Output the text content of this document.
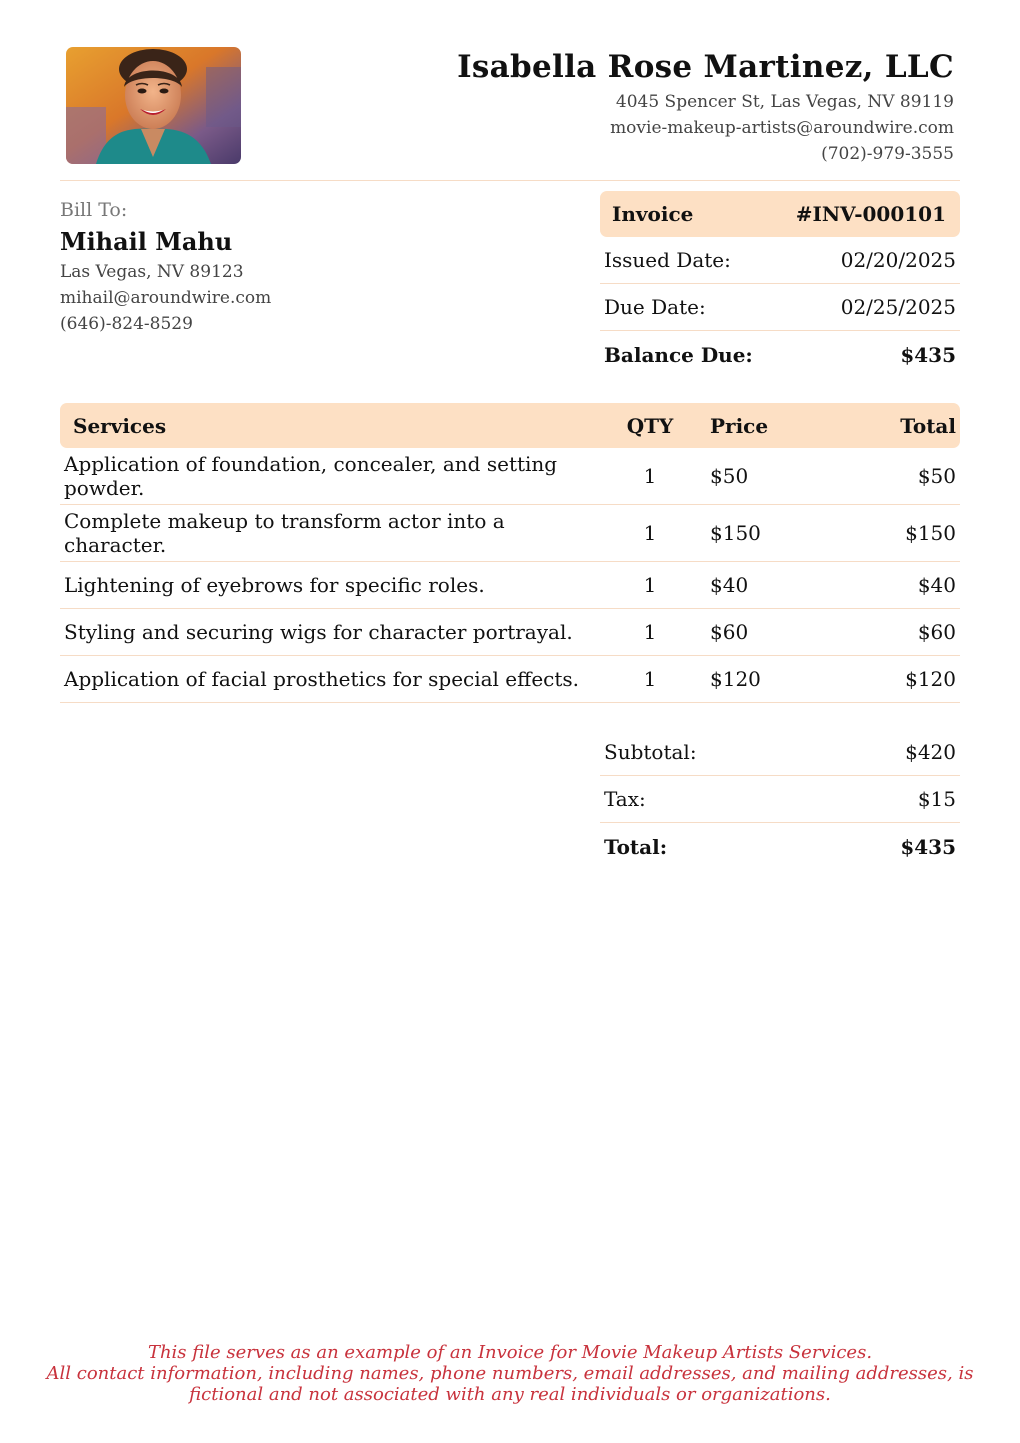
Isabella Rose Martinez, LLC
4045 Spencer St, Las Vegas, NV 89119
movie-makeup-artists@aroundwire.com
(702)-979-3555
Bill To:
Mihail Mahu
Las Vegas, NV 89123
mihail@aroundwire.com
(646)-824-8529
Invoice	#INV-000101
Issued Date:	02/20/2025
Due Date:	02/25/2025
Balance Due:	$435
Services	QTY	Price	Total
Application of foundation, concealer, and setting powder.	1	$50	$50
Complete makeup to transform actor into a character.	1	$150	$150
Lightening of eyebrows for specific roles.	1	$40	$40
Styling and securing wigs for character portrayal.	1	$60	$60
Application of facial prosthetics for special effects.	1	$120	$120
Subtotal:	$420
Tax:	$15
Total:	$435
This file serves as an example of an Invoice for Movie Makeup Artists Services.
All contact information, including names, phone numbers, email addresses, and mailing addresses, is fictional and not associated with any real individuals or organizations.
